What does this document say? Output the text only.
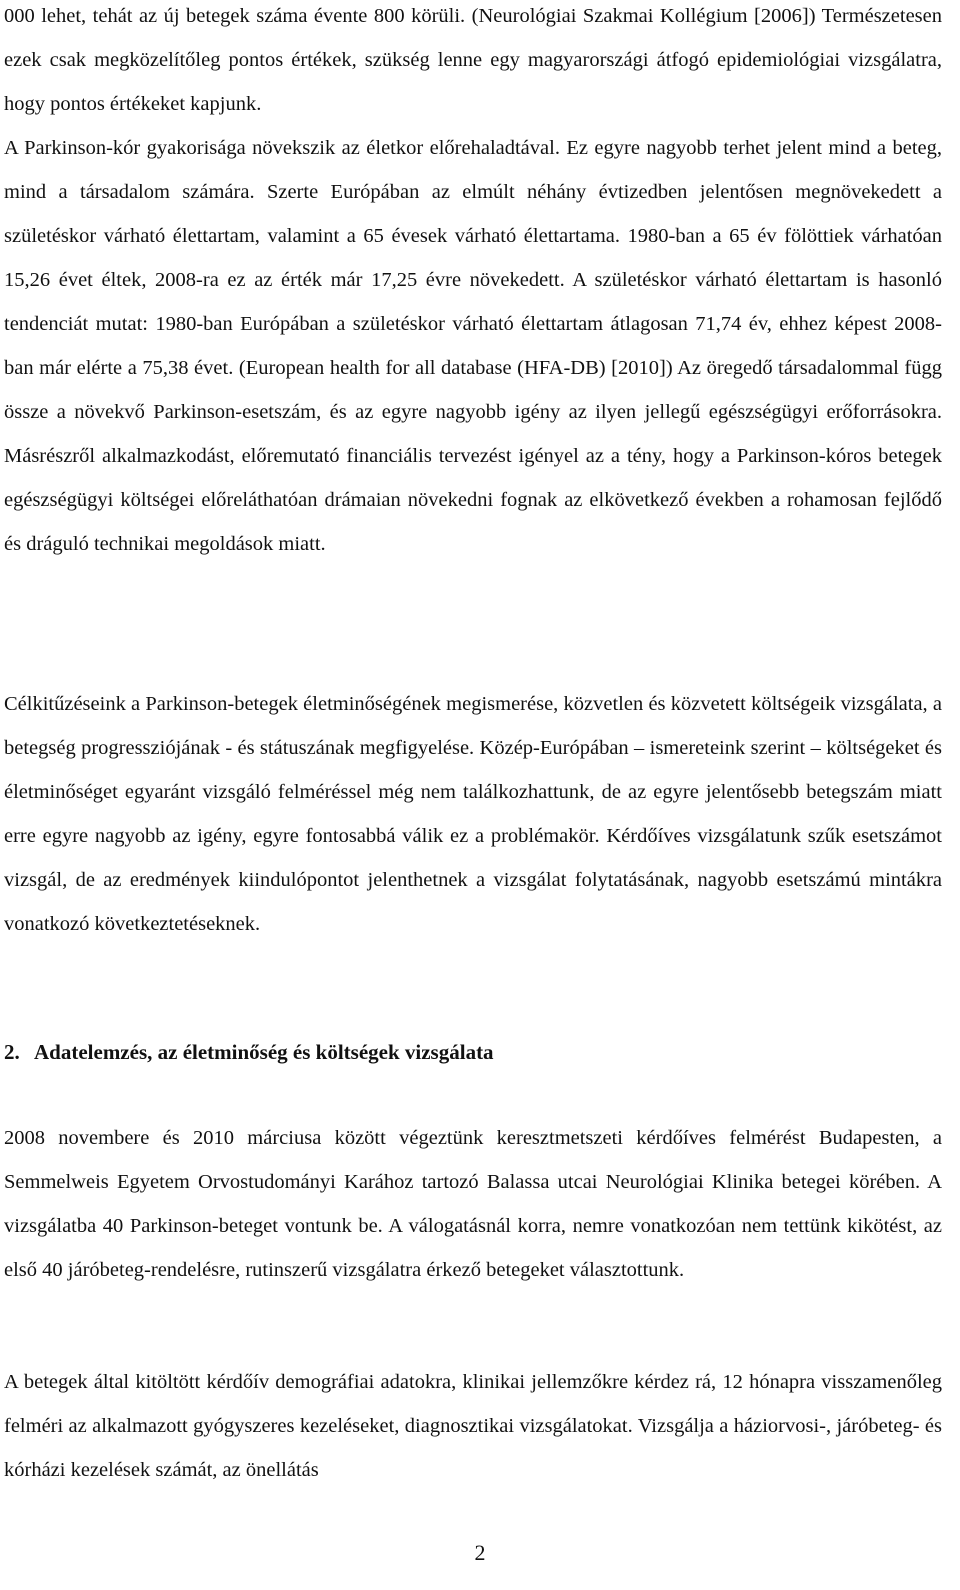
000 lehet, tehát az új betegek száma évente 800 körüli. (Neurológiai Szakmai Kollégium [2006]) Természetesen ezek csak megközelítőleg pontos értékek, szükség lenne egy magyarországi átfogó epidemiológiai vizsgálatra, hogy pontos értékeket kapjunk.

A Parkinson-kór gyakorisága növekszik az életkor előrehaladtával. Ez egyre nagyobb terhet jelent mind a beteg, mind a társadalom számára. Szerte Európában az elmúlt néhány évtizedben jelentősen megnövekedett a születéskor várható élettartam, valamint a 65 évesek várható élettartama. 1980-ban a 65 év fölöttiek várhatóan 15,26 évet éltek, 2008-ra ez az érték már 17,25 évre növekedett. A születéskor várható élettartam is hasonló tendenciát mutat: 1980-ban Európában a születéskor várható élettartam átlagosan 71,74 év, ehhez képest 2008-ban már elérte a 75,38 évet. (European health for all database (HFA-DB) [2010]) Az öregedő társadalommal függ össze a növekvő Parkinson-esetszám, és az egyre nagyobb igény az ilyen jellegű egészségügyi erőforrásokra. Másrészről alkalmazkodást, előremutató financiális tervezést igényel az a tény, hogy a Parkinson-kóros betegek egészségügyi költségei előreláthatóan drámaian növekedni fognak az elkövetkező években a rohamosan fejlődő és dráguló technikai megoldások miatt.

Célkitűzéseink a Parkinson-betegek életminőségének megismerése, közvetlen és közvetett költségeik vizsgálata, a betegség progressziójának - és státuszának megfigyelése. Közép-Európában – ismereteink szerint – költségeket és életminőséget egyaránt vizsgáló felméréssel még nem találkozhattunk, de az egyre jelentősebb betegszám miatt erre egyre nagyobb az igény, egyre fontosabbá válik ez a problémakör. Kérdőíves vizsgálatunk szűk esetszámot vizsgál, de az eredmények kiindulópontot jelenthetnek a vizsgálat folytatásának, nagyobb esetszámú mintákra vonatkozó következtetéseknek.

2. Adatelemzés, az életminőség és költségek vizsgálata

2008 novembere és 2010 márciusa között végeztünk keresztmetszeti kérdőíves felmérést Budapesten, a Semmelweis Egyetem Orvostudományi Karához tartozó Balassa utcai Neurológiai Klinika betegei körében. A vizsgálatba 40 Parkinson-beteget vontunk be. A válogatásnál korra, nemre vonatkozóan nem tettünk kikötést, az első 40 járóbeteg-rendelésre, rutinszerű vizsgálatra érkező betegeket választottunk.

A betegek által kitöltött kérdőív demográfiai adatokra, klinikai jellemzőkre kérdez rá, 12 hónapra visszamenőleg felméri az alkalmazott gyógyszeres kezeléseket, diagnosztikai vizsgálatokat. Vizsgálja a háziorvosi-, járóbeteg- és kórházi kezelések számát, az önellátás

2
